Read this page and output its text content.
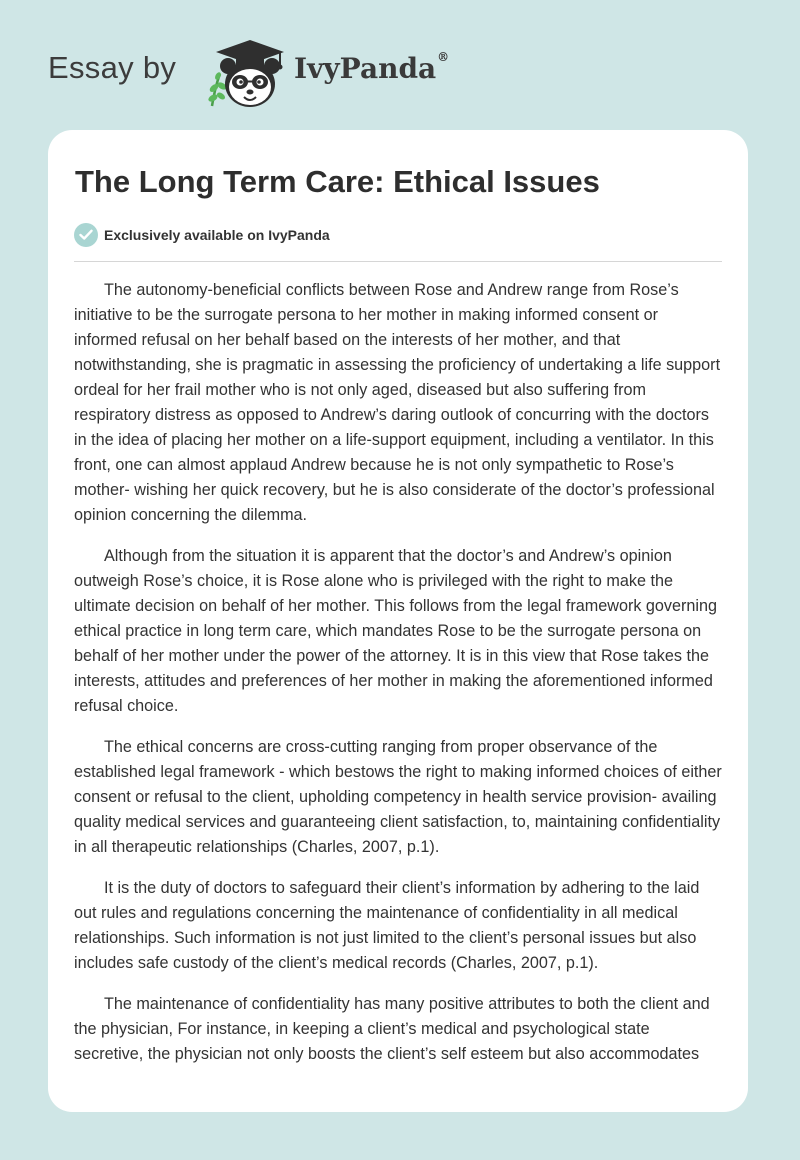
Essay by	IvyPanda®
The Long Term Care: Ethical Issues
Exclusively available on IvyPanda

The autonomy-beneficial conflicts between Rose and Andrew range from Rose’s initiative to be the surrogate persona to her mother in making informed consent or informed refusal on her behalf based on the interests of her mother, and that notwithstanding, she is pragmatic in assessing the proficiency of undertaking a life support ordeal for her frail mother who is not only aged, diseased but also suffering from respiratory distress as opposed to Andrew’s daring outlook of concurring with the doctors in the idea of placing her mother on a life-support equipment, including a ventilator. In this front, one can almost applaud Andrew because he is not only sympathetic to Rose’s mother- wishing her quick recovery, but he is also considerate of the doctor’s professional opinion concerning the dilemma.

Although from the situation it is apparent that the doctor’s and Andrew’s opinion outweigh Rose’s choice, it is Rose alone who is privileged with the right to make the ultimate decision on behalf of her mother. This follows from the legal framework governing ethical practice in long term care, which mandates Rose to be the surrogate persona on behalf of her mother under the power of the attorney. It is in this view that Rose takes the interests, attitudes and preferences of her mother in making the aforementioned informed refusal choice.

The ethical concerns are cross-cutting ranging from proper observance of the established legal framework - which bestows the right to making informed choices of either consent or refusal to the client, upholding competency in health service provision- availing quality medical services and guaranteeing client satisfaction, to, maintaining confidentiality in all therapeutic relationships (Charles, 2007, p.1).

It is the duty of doctors to safeguard their client’s information by adhering to the laid out rules and regulations concerning the maintenance of confidentiality in all medical relationships. Such information is not just limited to the client’s personal issues but also includes safe custody of the client’s medical records (Charles, 2007, p.1).

The maintenance of confidentiality has many positive attributes to both the client and the physician, For instance, in keeping a client’s medical and psychological state secretive, the physician not only boosts the client’s self esteem but also accommodates
